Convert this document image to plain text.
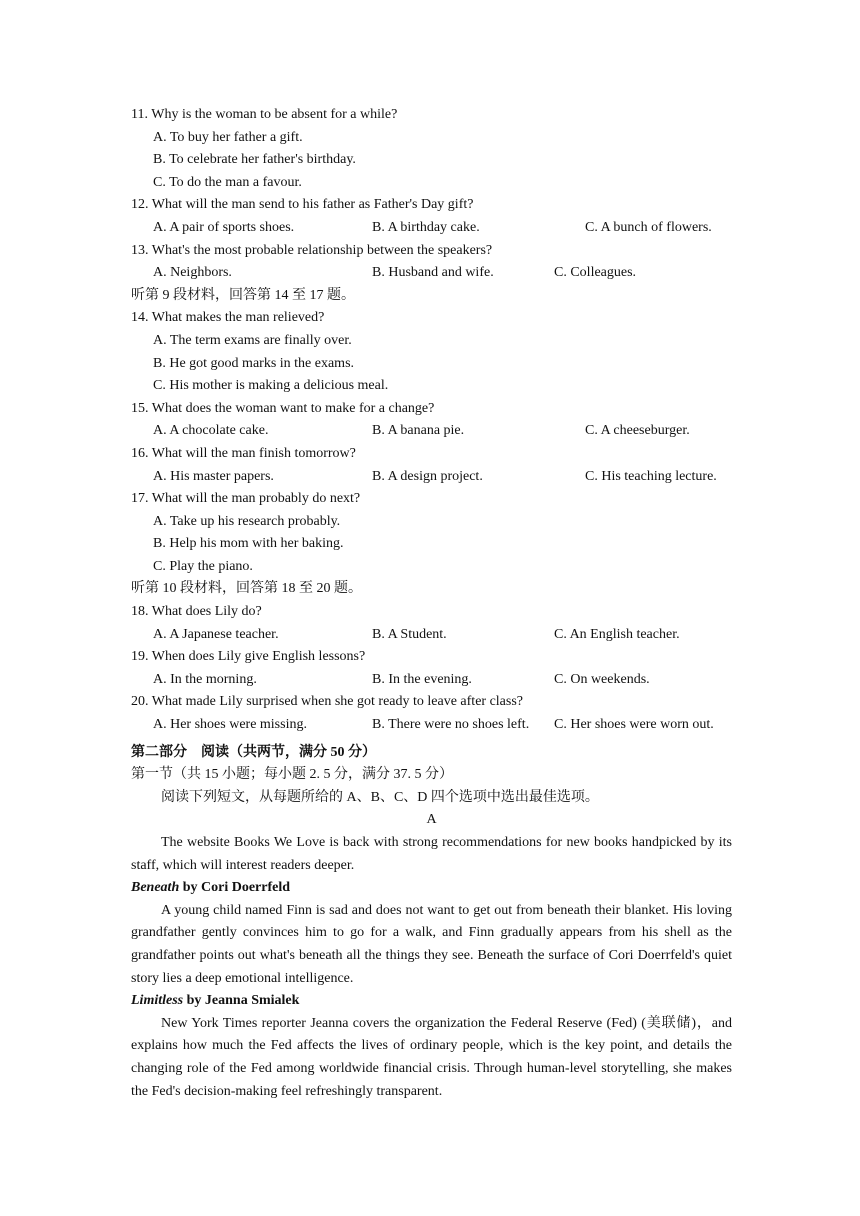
11. Why is the woman to be absent for a while?
A. To buy her father a gift.
B. To celebrate her father's birthday.
C. To do the man a favour.
12. What will the man send to his father as Father's Day gift?
A. A pair of sports shoes.	B. A birthday cake.	C. A bunch of flowers.
13. What's the most probable relationship between the speakers?
A. Neighbors.	B. Husband and wife.	C. Colleagues.
听第 9 段材料，回答第 14 至 17 题。
14. What makes the man relieved?
A. The term exams are finally over.
B. He got good marks in the exams.
C. His mother is making a delicious meal.
15. What does the woman want to make for a change?
A. A chocolate cake.	B. A banana pie.	C. A cheeseburger.
16. What will the man finish tomorrow?
A. His master papers.	B. A design project.	C. His teaching lecture.
17. What will the man probably do next?
A. Take up his research probably.
B. Help his mom with her baking.
C. Play the piano.
听第 10 段材料，回答第 18 至 20 题。
18. What does Lily do?
A. A Japanese teacher.	B. A Student.	C. An English teacher.
19. When does Lily give English lessons?
A. In the morning.	B. In the evening.	C. On weekends.
20. What made Lily surprised when she got ready to leave after class?
A. Her shoes were missing.	B. There were no shoes left. C. Her shoes were worn out.
第二部分　阅读（共两节，满分 50 分）
第一节（共 15 小题；每小题 2. 5 分，满分 37. 5 分）
阅读下列短文，从每题所给的 A、B、C、D 四个选项中选出最佳选项。
A
The website Books We Love is back with strong recommendations for new books handpicked by its staff, which will interest readers deeper.
Beneath by Cori Doerrfeld
A young child named Finn is sad and does not want to get out from beneath their blanket. His loving grandfather gently convinces him to go for a walk, and Finn gradually appears from his shell as the grandfather points out what's beneath all the things they see. Beneath the surface of Cori Doerrfeld's quiet story lies a deep emotional intelligence.
Limitless by Jeanna Smialek
New York Times reporter Jeanna covers the organization the Federal Reserve (Fed) (美联储)，and explains how much the Fed affects the lives of ordinary people, which is the key point, and details the changing role of the Fed among worldwide financial crisis. Through human-level storytelling, she makes the Fed's decision-making feel refreshingly transparent.
